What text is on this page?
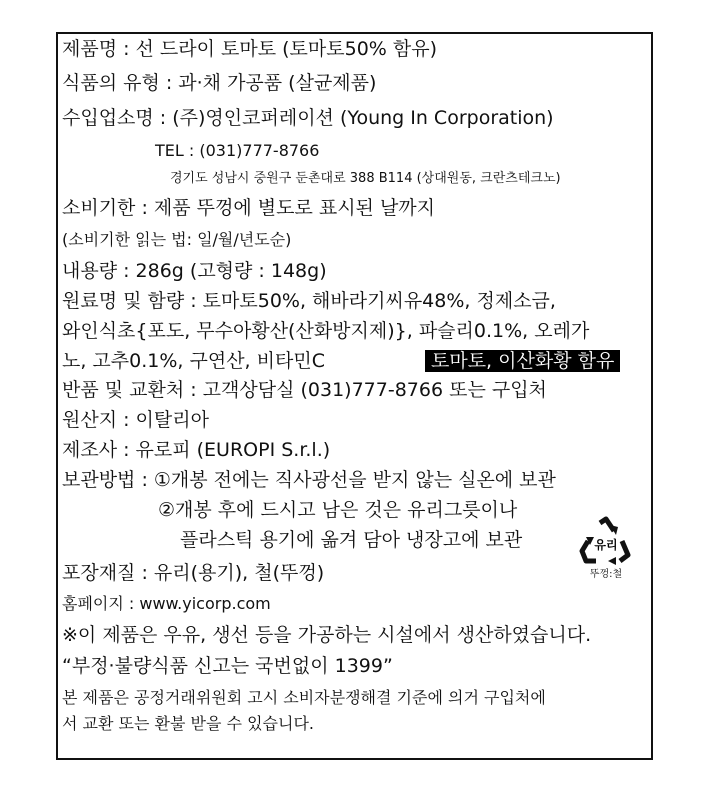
제품명 : 선 드라이 토마토 (토마토50% 함유)
식품의 유형 : 과·채 가공품 (살균제품)
수입업소명 : (주)영인코퍼레이션 (Young In Corporation)
TEL : (031)777-8766
경기도 성남시 중원구 둔촌대로 388 B114 (상대원동, 크란츠테크노)
소비기한 : 제품 뚜껑에 별도로 표시된 날까지
(소비기한 읽는 법: 일/월/년도순)
내용량 : 286g (고형량 : 148g)
원료명 및 함량 : 토마토50%, 해바라기씨유48%, 정제소금,
와인식초{포도, 무수아황산(산화방지제)}, 파슬리0.1%, 오레가
노, 고추0.1%, 구연산, 비타민C	토마토, 이산화황 함유
반품 및 교환처 : 고객상담실 (031)777-8766 또는 구입처
원산지 : 이탈리아
제조사 : 유로피 (EUROPI S.r.l.)
보관방법 : ①개봉 전에는 직사광선을 받지 않는 실온에 보관
②개봉 후에 드시고 남은 것은 유리그릇이나
플라스틱 용기에 옮겨 담아 냉장고에 보관
포장재질 : 유리(용기), 철(뚜껑)
홈페이지 : www.yicorp.com
※이 제품은 우유, 생선 등을 가공하는 시설에서 생산하였습니다.
“부정·불량식품 신고는 국번없이 1399”
본 제품은 공정거래위원회 고시 소비자분쟁해결 기준에 의거 구입처에
서 교환 또는 환불 받을 수 있습니다.
유리
뚜껑:철
